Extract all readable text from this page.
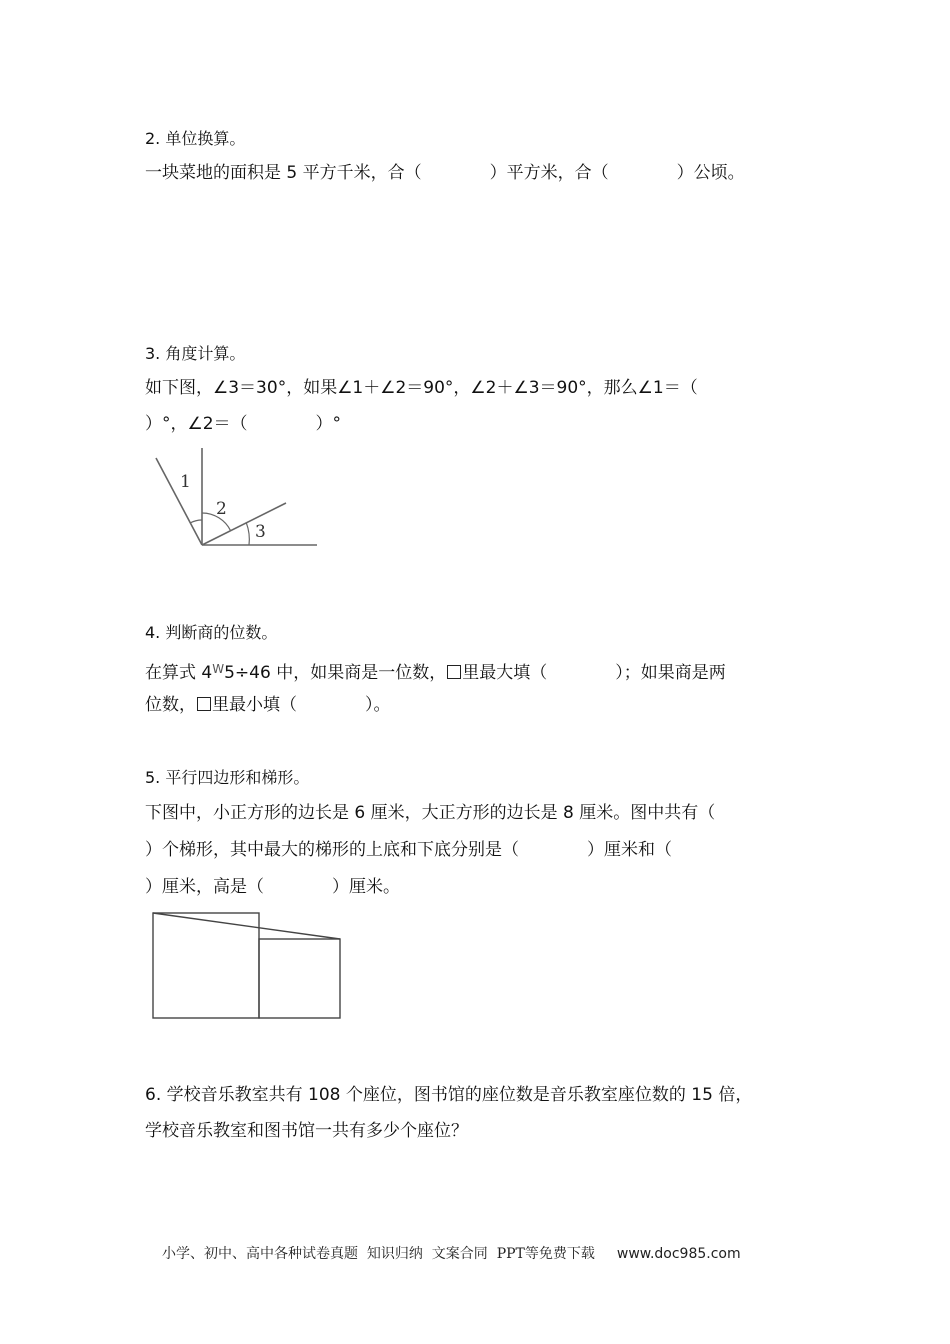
2. 单位换算。
一块菜地的面积是 5 平方千米，合（　　　　）平方米，合（　　　　）公顷。
3. 角度计算。
如下图，∠3＝30°，如果∠1＋∠2＝90°，∠2＋∠3＝90°，那么∠1＝（
）°，∠2＝（　　　　）°
1
2
3
4. 判断商的位数。
在算式 $4^W5\div 46$ 中，如果商是一位数， 里最大填（　　　　）；如果商是两
位数， 里最小填（　　　　）。
5. 平行四边形和梯形。
下图中，小正方形的边长是 6 厘米，大正方形的边长是 8 厘米。图中共有（
）个梯形，其中最大的梯形的上底和下底分别是（　　　　）厘米和（
）厘米，高是（　　　　）厘米。
6. 学校音乐教室共有 108 个座位，图书馆的座位数是音乐教室座位数的 15 倍，
学校音乐教室和图书馆一共有多少个座位？
小学、初中、高中各种试卷真题  知识归纳  文案合同  PPT等免费下载 www.doc985.com
